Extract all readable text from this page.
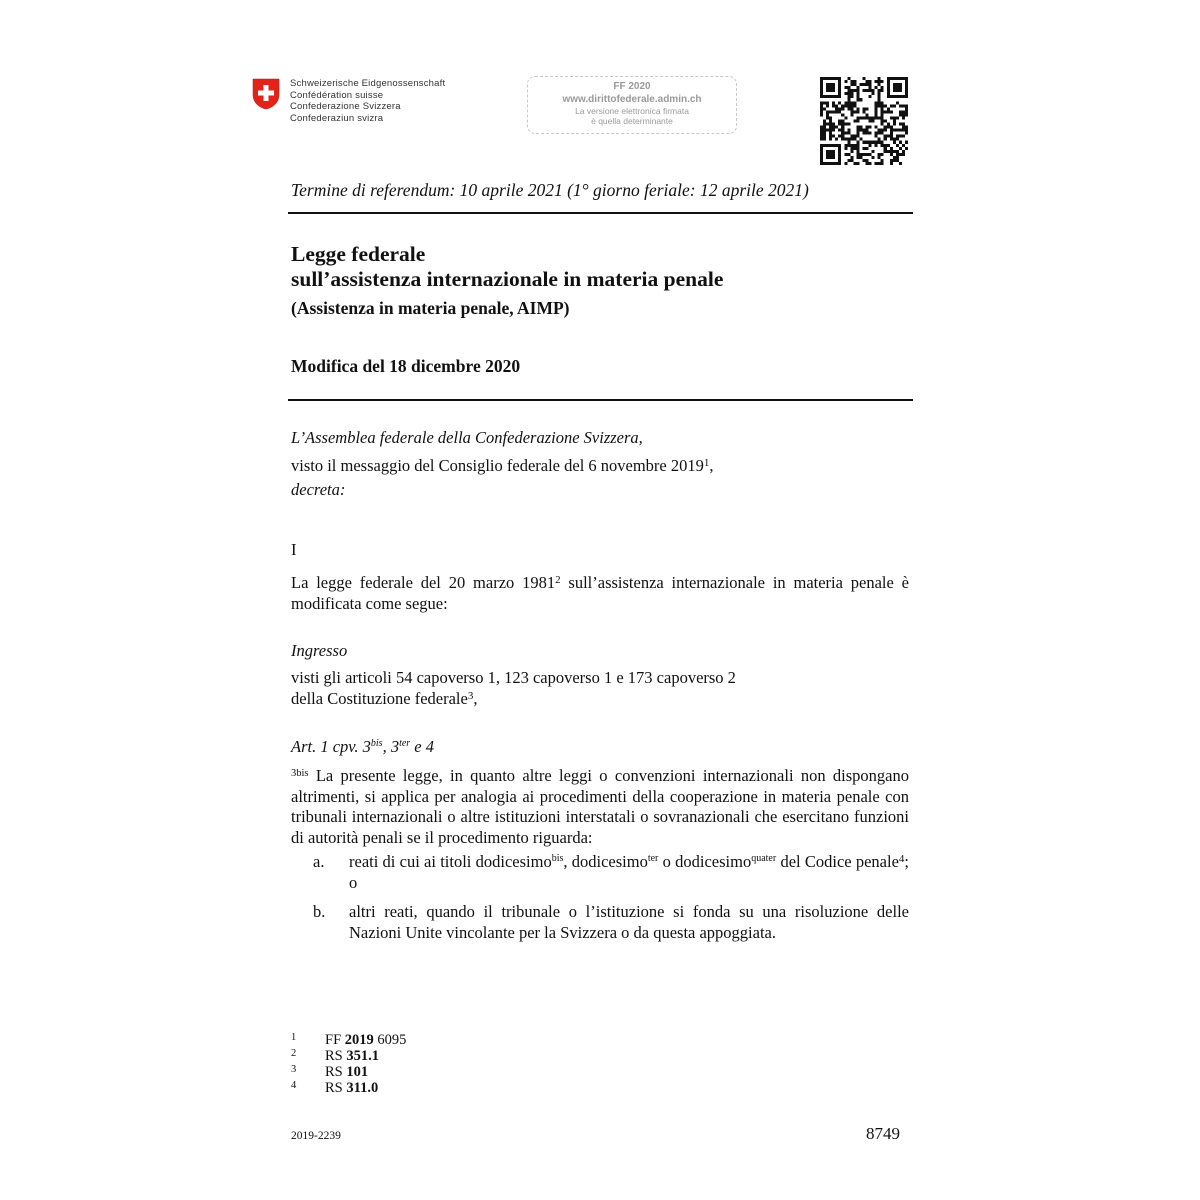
Schweizerische Eidgenossenschaft
Confédération suisse
Confederazione Svizzera
Confederaziun svizra
FF 2020
www.dirittofederale.admin.ch
La versione elettronica firmata
è quella determinante
Termine di referendum: 10 aprile 2021 (1° giorno feriale: 12 aprile 2021)
Legge federale
sull’assistenza internazionale in materia penale
(Assistenza in materia penale, AIMP)
Modifica del 18 dicembre 2020
L’Assemblea federale della Confederazione Svizzera,
visto il messaggio del Consiglio federale del 6 novembre 2019$^1$,
decreta:
I
La legge federale del 20 marzo 1981$^2$ sull’assistenza internazionale in materia penale è modificata come segue:
Ingresso
visti gli articoli 54 capoverso 1, 123 capoverso 1 e 173 capoverso 2
della Costituzione federale$^3$,
Art. 1 cpv. $3^{bis}$, $3^{ter}$ e 4
$^{3bis}$ La presente legge, in quanto altre leggi o convenzioni internazionali non dispongano altrimenti, si applica per analogia ai procedimenti della cooperazione in materia penale con tribunali internazionali o altre istituzioni interstatali o sovranazionali che esercitano funzioni di autorità penali se il procedimento riguarda:
a. reati di cui ai titoli dodicesimo$^{bis}$, dodicesimo$^{ter}$ o dodicesimo$^{quater}$ del Codice penale$^4$; o
b. altri reati, quando il tribunale o l’istituzione si fonda su una risoluzione delle Nazioni Unite vincolante per la Svizzera o da questa appoggiata.
1 FF 2019 6095
2 RS 351.1
3 RS 101
4 RS 311.0
2019-2239	8749
